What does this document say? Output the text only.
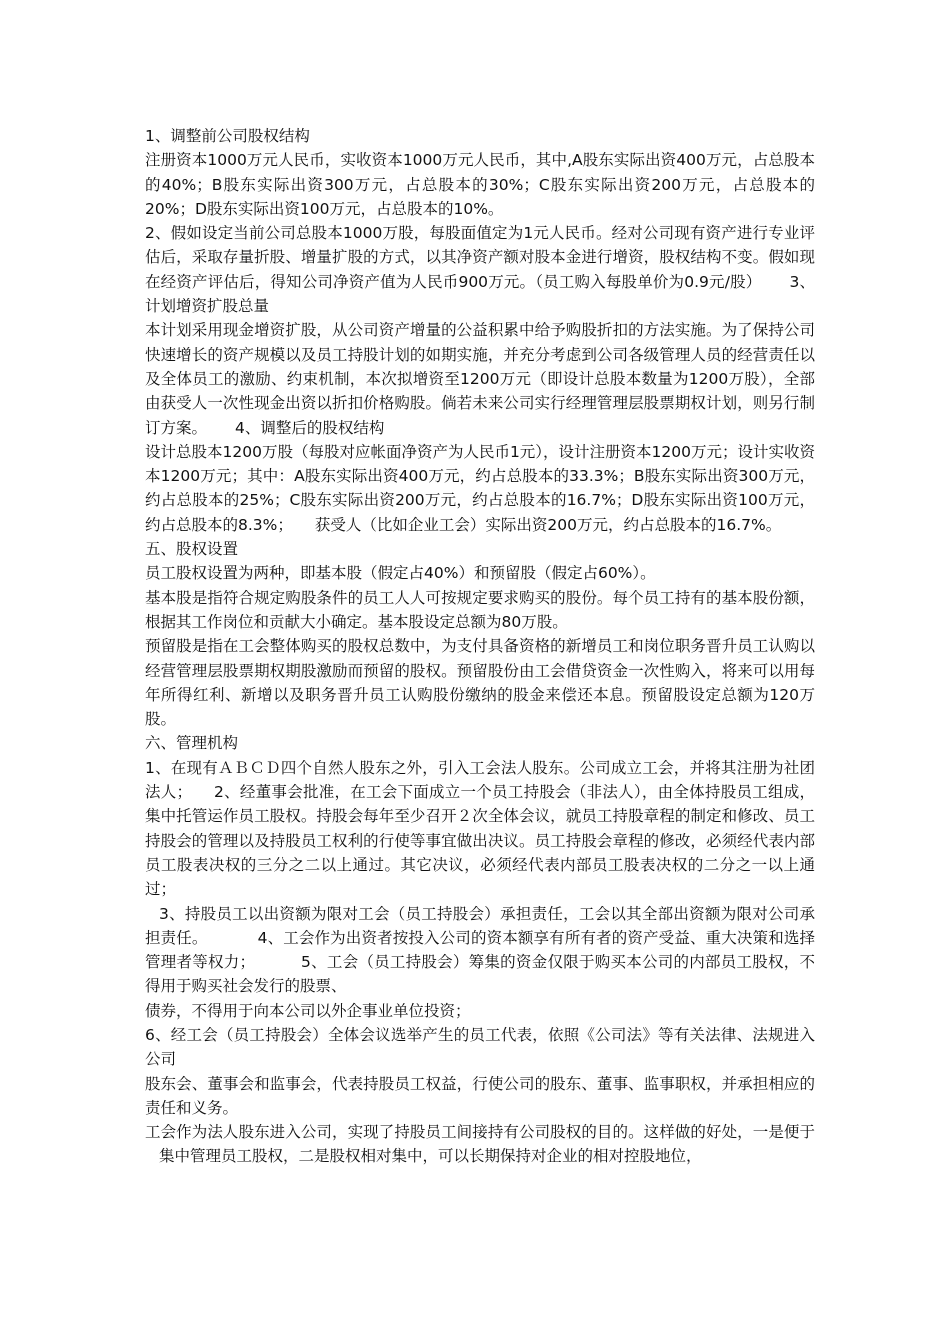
1、调整前公司股权结构

注册资本1000万元人民币，实收资本1000万元人民币，其中,A股东实际出资400万元，占总股本的40%；B股东实际出资300万元，占总股本的30%；C股东实际出资200万元，占总股本的20%；D股东实际出资100万元，占总股本的10%。

2、假如设定当前公司总股本1000万股，每股面值定为1元人民币。经对公司现有资产进行专业评估后，采取存量折股、增量扩股的方式，以其净资产额对股本金进行增资，股权结构不变。假如现在经资产评估后，得知公司净资产值为人民币900万元。（员工购入每股单价为0.9元/股） 3、计划增资扩股总量

本计划采用现金增资扩股，从公司资产增量的公益积累中给予购股折扣的方法实施。为了保持公司快速增长的资产规模以及员工持股计划的如期实施，并充分考虑到公司各级管理人员的经营责任以及全体员工的激励、约束机制，本次拟增资至1200万元（即设计总股本数量为1200万股），全部由获受人一次性现金出资以折扣价格购股。倘若未来公司实行经理管理层股票期权计划，则另行制订方案。 4、调整后的股权结构

设计总股本1200万股（每股对应帐面净资产为人民币1元），设计注册资本1200万元；设计实收资本1200万元；其中：A股东实际出资400万元，约占总股本的33.3%；B股东实际出资300万元，约占总股本的25%；C股东实际出资200万元，约占总股本的16.7%；D股东实际出资100万元，约占总股本的8.3%； 获受人（比如企业工会）实际出资200万元，约占总股本的16.7%。

五、股权设置

员工股权设置为两种，即基本股（假定占40%）和预留股（假定占60%）。

基本股是指符合规定购股条件的员工人人可按规定要求购买的股份。每个员工持有的基本股份额，根据其工作岗位和贡献大小确定。基本股设定总额为80万股。

预留股是指在工会整体购买的股权总数中，为支付具备资格的新增员工和岗位职务晋升员工认购以经营管理层股票期权期股激励而预留的股权。预留股份由工会借贷资金一次性购入，将来可以用每年所得红利、新增以及职务晋升员工认购股份缴纳的股金来偿还本息。预留股设定总额为120万股。

六、管理机构

1、在现有ＡＢＣＤ四个自然人股东之外，引入工会法人股东。公司成立工会，并将其注册为社团法人； 2、经董事会批准，在工会下面成立一个员工持股会（非法人），由全体持股员工组成，集中托管运作员工股权。持股会每年至少召开２次全体会议，就员工持股章程的制定和修改、员工持股会的管理以及持股员工权利的行使等事宜做出决议。员工持股会章程的修改，必须经代表内部员工股表决权的三分之二以上通过。其它决议，必须经代表内部员工股表决权的二分之一以上通过；

3、持股员工以出资额为限对工会（员工持股会）承担责任，工会以其全部出资额为限对公司承担责任。	4、工会作为出资者按投入公司的资本额享有所有者的资产受益、重大决策和选择管理者等权力；	5、工会（员工持股会）筹集的资金仅限于购买本公司的内部员工股权，不得用于购买社会发行的股票、

债券，不得用于向本公司以外企事业单位投资；

6、经工会（员工持股会）全体会议选举产生的员工代表，依照《公司法》等有关法律、法规进入公司

股东会、董事会和监事会，代表持股员工权益，行使公司的股东、董事、监事职权，并承担相应的责任和义务。

工会作为法人股东进入公司，实现了持股员工间接持有公司股权的目的。这样做的好处，一是便于集中管理员工股权，二是股权相对集中，可以长期保持对企业的相对控股地位，
